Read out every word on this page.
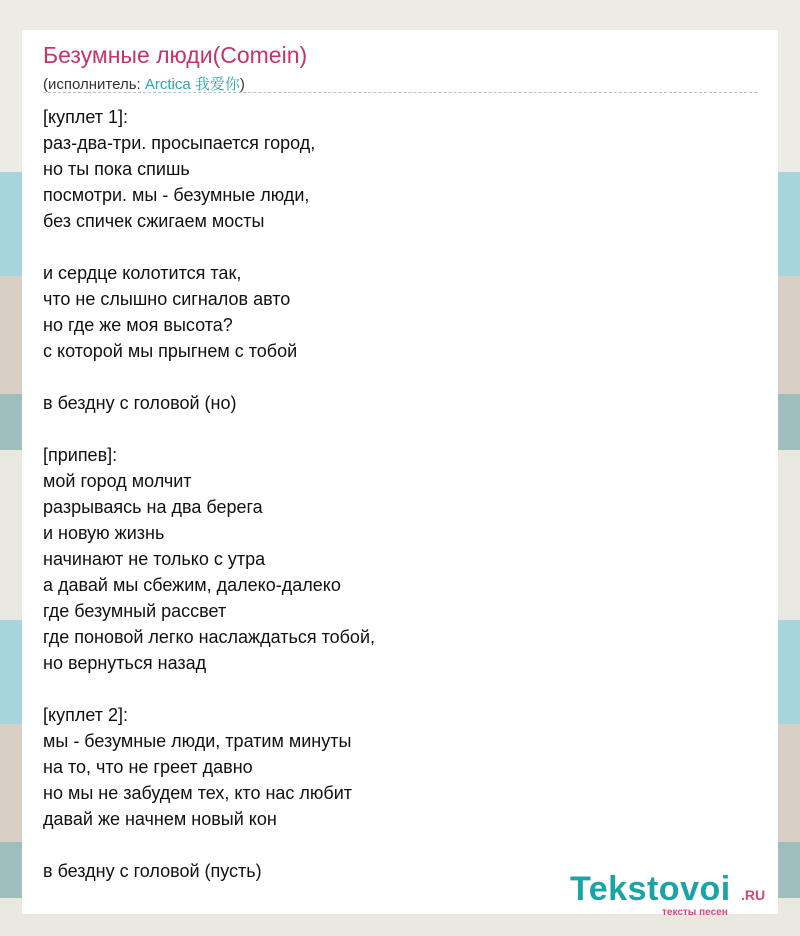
Безумные люди(Comein)
(исполнитель: Arctica 我爱你)
[куплет 1]:
раз-два-три. просыпается город,
но ты пока спишь
посмотри. мы - безумные люди,
без спичек сжигаем мосты
и сердце колотится так,
что не слышно сигналов авто
но где же моя высота?
с которой мы прыгнем с тобой
в бездну с головой (но)
[припев]:
мой город молчит
разрываясь на два берега
и новую жизнь
начинают не только с утра
а давай мы сбежим, далеко-далеко
где безумный рассвет
где поновой легко наслаждаться тобой,
но вернуться назад
[куплет 2]:
мы - безумные люди, тратим минуты
на то, что не греет давно
но мы не забудем тех, кто нас любит
давай же начнем новый кон
в бездну с головой (пусть)	Tekstovoi .RU
тексты песен
